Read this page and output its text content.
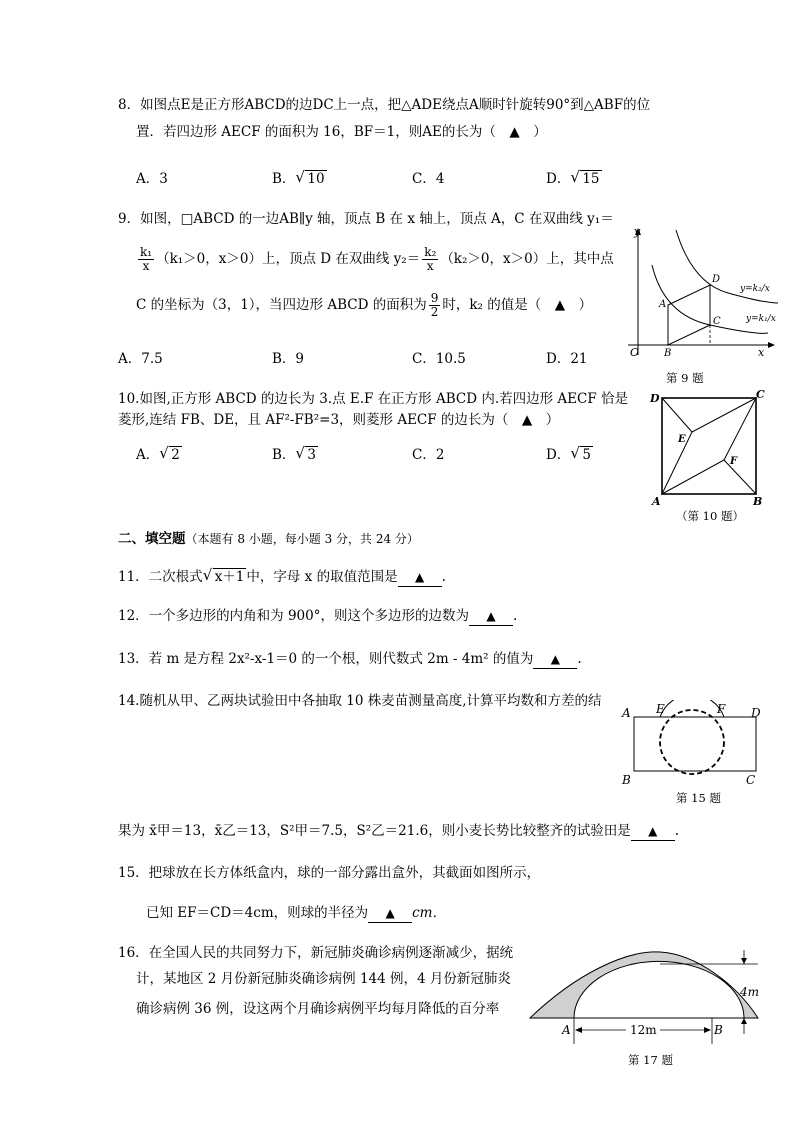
8．如图点E是正方形ABCD的边DC上一点，把△ADE绕点A顺时针旋转90°到△ABF的位
置．若四边形 AECF 的面积为 16，BF＝1，则AE的长为（　▲　）
A．3	B． √ 10	C．4	D． √ 15
9．如图，□ABCD 的一边AB∥y 轴，顶点 B 在 x 轴上，顶点 A，C 在双曲线 y₁＝
$\frac{\text{k₁}}{x} (k_1>0$，x＞0）上，顶点 D 在双曲线 $y_2= \frac{\text{k₂}}{x} (k_2>0$，x＞0）上，其中点
C 的坐标为（3，1），当四边形 ABCD 的面积为 $\frac{9}{2}$ 时，k₂ 的值是（　▲　）
A．7.5	B．9	C．10.5	D．21
y
x
O
A
B
C
D
y=k₂/x
y=k₁/x
第 9 题
10.如图,正方形 ABCD 的边长为 3.点 E.F 在正方形 ABCD 内.若四边形 AECF 恰是
菱形,连结 FB、DE，且 AF²-FB²=3，则菱形 AECF 的边长为（　▲　）
A． √ 2	B． √ 3	C．2	D． √ 5
D	C
A	B
E
F
（第 10 题）
二、填空题（本题有 8 小题，每小题 3 分，共 24 分）
11．二次根式 √ x＋1 中，字母 x 的取值范围是 ▲ .
12．一个多边形的内角和为 900°，则这个多边形的边数为 ▲ .
13．若 m 是方程 2x²-x-1＝0 的一个根，则代数式 2m - 4m² 的值为 ▲ .
14.随机从甲、乙两块试验田中各抽取 10 株麦苗测量高度,计算平均数和方差的结
果为 x̄甲＝13，x̄乙＝13，S²甲＝7.5，S²乙＝21.6，则小麦长势比较整齐的试验田是 ▲ .
A E	F D
B	C
第 15 题
15．把球放在长方体纸盒内，球的一部分露出盒外，其截面如图所示，
已知 EF＝CD＝4cm，则球的半径为 ▲ cm．
16．在全国人民的共同努力下，新冠肺炎确诊病例逐渐减少，据统
计，某地区 2 月份新冠肺炎确诊病例 144 例，4 月份新冠肺炎
确诊病例 36 例，设这两个月确诊病例平均每月降低的百分率
4m
12m
A	B
第 17 题
